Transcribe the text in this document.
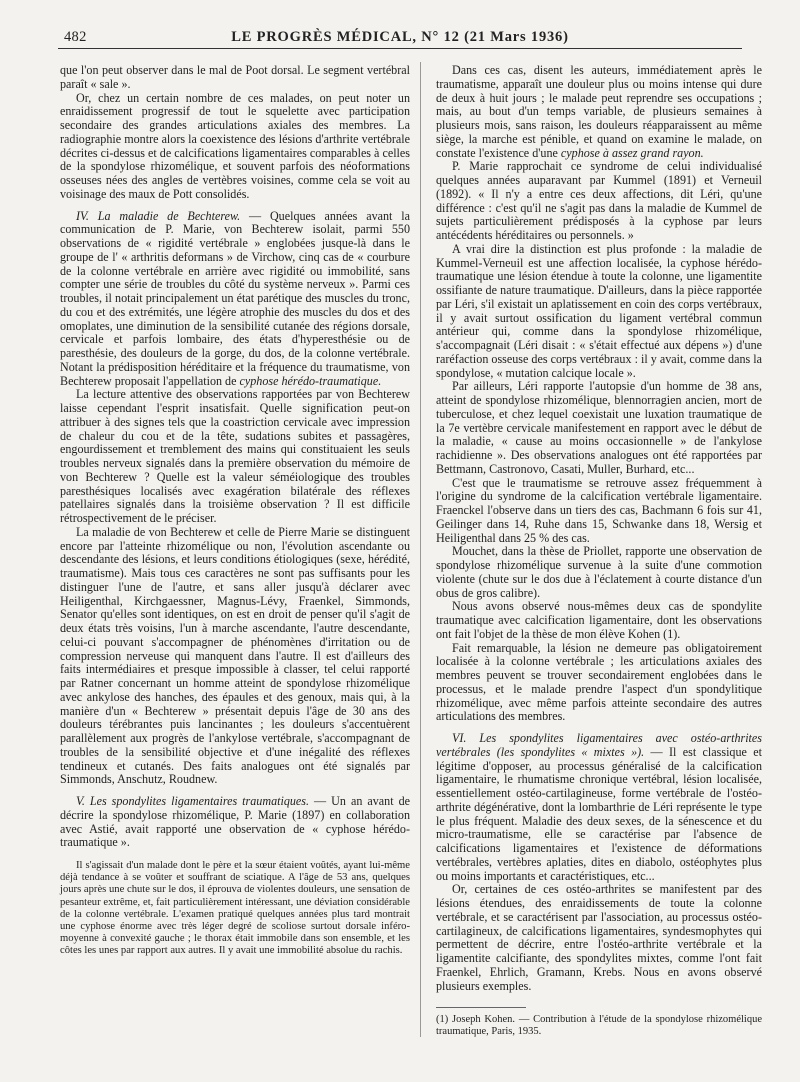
482	LE PROGRÈS MÉDICAL, N° 12 (21 Mars 1936)

que l'on peut observer dans le mal de Poot dorsal. Le segment vertébral paraît « sale ».

Or, chez un certain nombre de ces malades, on peut noter un enraidissement progressif de tout le squelette avec participation secondaire des grandes articulations axiales des membres. La radiographie montre alors la coexistence des lésions d'arthrite vertébrale décrites ci-dessus et de calcifications ligamentaires comparables à celles de la spondylose rhizomélique, et souvent parfois des néoformations osseuses nées des angles de vertèbres voisines, comme cela se voit au voisinage des maux de Pott consolidés.

IV. La maladie de Bechterew. — Quelques années avant la communication de P. Marie, von Bechterew isolait, parmi 550 observations de « rigidité vertébrale » englobées jusque-là dans le groupe de l' « arthritis deformans » de Virchow, cinq cas de « courbure de la colonne vertébrale en arrière avec rigidité ou immobilité, sans compter une série de troubles du côté du système nerveux ». Parmi ces troubles, il notait principalement un état parétique des muscles du tronc, du cou et des extrémités, une légère atrophie des muscles du dos et des omoplates, une diminution de la sensibilité cutanée des régions dorsale, cervicale et parfois lombaire, des états d'hyperesthésie ou de paresthésie, des douleurs de la gorge, du dos, de la colonne vertébrale. Notant la prédisposition héréditaire et la fréquence du traumatisme, von Bechterew proposait l'appellation de cyphose hérédo-traumatique.

La lecture attentive des observations rapportées par von Bechterew laisse cependant l'esprit insatisfait. Quelle signification peut-on attribuer à des signes tels que la coastriction cervicale avec impression de chaleur du cou et de la tête, sudations subites et passagères, engourdissement et tremblement des mains qui constituaient les seuls troubles nerveux signalés dans la première observation du mémoire de von Bechterew ? Quelle est la valeur séméiologique des troubles paresthésiques localisés avec exagération bilatérale des réflexes patellaires signalés dans la troisième observation ? Il est difficile rétrospectivement de le préciser.

La maladie de von Bechterew et celle de Pierre Marie se distinguent encore par l'atteinte rhizomélique ou non, l'évolution ascendante ou descendante des lésions, et leurs conditions étiologiques (sexe, hérédité, traumatisme). Mais tous ces caractères ne sont pas suffisants pour les distinguer l'une de l'autre, et sans aller jusqu'à déclarer avec Heiligenthal, Kirchgaessner, Magnus-Lévy, Fraenkel, Simmonds, Senator qu'elles sont identiques, on est en droit de penser qu'il s'agit de deux états très voisins, l'un à marche ascendante, l'autre descendante, celui-ci pouvant s'accompagner de phénomènes d'irritation ou de compression nerveuse qui manquent dans l'autre. Il est d'ailleurs des faits intermédiaires et presque impossible à classer, tel celui rapporté par Ratner concernant un homme atteint de spondylose rhizomélique avec ankylose des hanches, des épaules et des genoux, mais qui, à la manière d'un « Bechterew » présentait depuis l'âge de 30 ans des douleurs térébrantes puis lancinantes ; les douleurs s'accentuèrent parallèlement aux progrès de l'ankylose vertébrale, s'accompagnant de troubles de la sensibilité objective et d'une inégalité des réflexes tendineux et cutanés. Des faits analogues ont été signalés par Simmonds, Anschutz, Roudnew.

V. Les spondylites ligamentaires traumatiques. — Un an avant de décrire la spondylose rhizomélique, P. Marie (1897) en collaboration avec Astié, avait rapporté une observation de « cyphose hérédo-traumatique ».

Il s'agissait d'un malade dont le père et la sœur étaient voûtés, ayant lui-même déjà tendance à se voûter et souffrant de sciatique. A l'âge de 53 ans, quelques jours après une chute sur le dos, il éprouva de violentes douleurs, une sensation de pesanteur extrême, et, fait particulièrement intéressant, une déviation considérable de la colonne vertébrale. L'examen pratiqué quelques années plus tard montrait une cyphose énorme avec très léger degré de scoliose surtout dorsale inféro-moyenne à convexité gauche ; le thorax était immobile dans son ensemble, et les côtes les unes par rapport aux autres. Il y avait une immobilité absolue du rachis.

Dans ces cas, disent les auteurs, immédiatement après le traumatisme, apparaît une douleur plus ou moins intense qui dure de deux à huit jours ; le malade peut reprendre ses occupations ; mais, au bout d'un temps variable, de plusieurs semaines à plusieurs mois, sans raison, les douleurs réapparaissent au même siège, la marche est pénible, et quand on examine le malade, on constate l'existence d'une cyphose à assez grand rayon.

P. Marie rapprochait ce syndrome de celui individualisé quelques années auparavant par Kummel (1891) et Verneuil (1892). « Il n'y a entre ces deux affections, dit Léri, qu'une différence : c'est qu'il ne s'agit pas dans la maladie de Kummel de sujets particulièrement prédisposés à la cyphose par leurs antécédents héréditaires ou personnels. »

A vrai dire la distinction est plus profonde : la maladie de Kummel-Verneuil est une affection localisée, la cyphose hérédo-traumatique une lésion étendue à toute la colonne, une ligamentite ossifiante de nature traumatique. D'ailleurs, dans la pièce rapportée par Léri, s'il existait un aplatissement en coin des corps vertébraux, il y avait surtout ossification du ligament vertébral commun antérieur qui, comme dans la spondylose rhizomélique, s'accompagnait (Léri disait : « s'était effectué aux dépens ») d'une raréfaction osseuse des corps vertébraux : il y avait, comme dans la spondylose, « mutation calcique locale ».

Par ailleurs, Léri rapporte l'autopsie d'un homme de 38 ans, atteint de spondylose rhizomélique, blennorragien ancien, mort de tuberculose, et chez lequel coexistait une luxation traumatique de la 7e vertèbre cervicale manifestement en rapport avec le début de la maladie, « cause au moins occasionnelle » de l'ankylose rachidienne ». Des observations analogues ont été rapportées par Bettmann, Castronovo, Casati, Muller, Burhard, etc...

C'est que le traumatisme se retrouve assez fréquemment à l'origine du syndrome de la calcification vertébrale ligamentaire. Fraenckel l'observe dans un tiers des cas, Bachmann 6 fois sur 41, Geilinger dans 14, Ruhe dans 15, Schwanke dans 18, Wersig et Heiligenthal dans 25 % des cas.

Mouchet, dans la thèse de Priollet, rapporte une observation de spondylose rhizomélique survenue à la suite d'une commotion violente (chute sur le dos due à l'éclatement à courte distance d'un obus de gros calibre).

Nous avons observé nous-mêmes deux cas de spondylite traumatique avec calcification ligamentaire, dont les observations ont fait l'objet de la thèse de mon élève Kohen (1).

Fait remarquable, la lésion ne demeure pas obligatoirement localisée à la colonne vertébrale ; les articulations axiales des membres peuvent se trouver secondairement englobées dans le processus, et le malade prendre l'aspect d'un spondylitique rhizomélique, avec même parfois atteinte secondaire des autres articulations des membres.

VI. Les spondylites ligamentaires avec ostéo-arthrites vertébrales (les spondylites « mixtes »). — Il est classique et légitime d'opposer, au processus généralisé de la calcification ligamentaire, le rhumatisme chronique vertébral, lésion localisée, essentiellement ostéo-cartilagineuse, forme vertébrale de l'ostéo-arthrite dégénérative, dont la lombarthrie de Léri représente le type le plus fréquent. Maladie des deux sexes, de la sénescence et du micro-traumatisme, elle se caractérise par l'absence de calcifications ligamentaires et l'existence de déformations vertébrales, vertèbres aplaties, dites en diabolo, ostéophytes plus ou moins importants et caractéristiques, etc...

Or, certaines de ces ostéo-arthrites se manifestent par des lésions étendues, des enraidissements de toute la colonne vertébrale, et se caractérisent par l'association, au processus ostéo-cartilagineux, de calcifications ligamentaires, syndesmophytes qui permettent de décrire, entre l'ostéo-arthrite vertébrale et la ligamentite calcifiante, des spondylites mixtes, comme l'ont fait Fraenkel, Ehrlich, Gramann, Krebs. Nous en avons observé plusieurs exemples.

(1) Joseph Kohen. — Contribution à l'étude de la spondylose rhizomélique traumatique, Paris, 1935.
